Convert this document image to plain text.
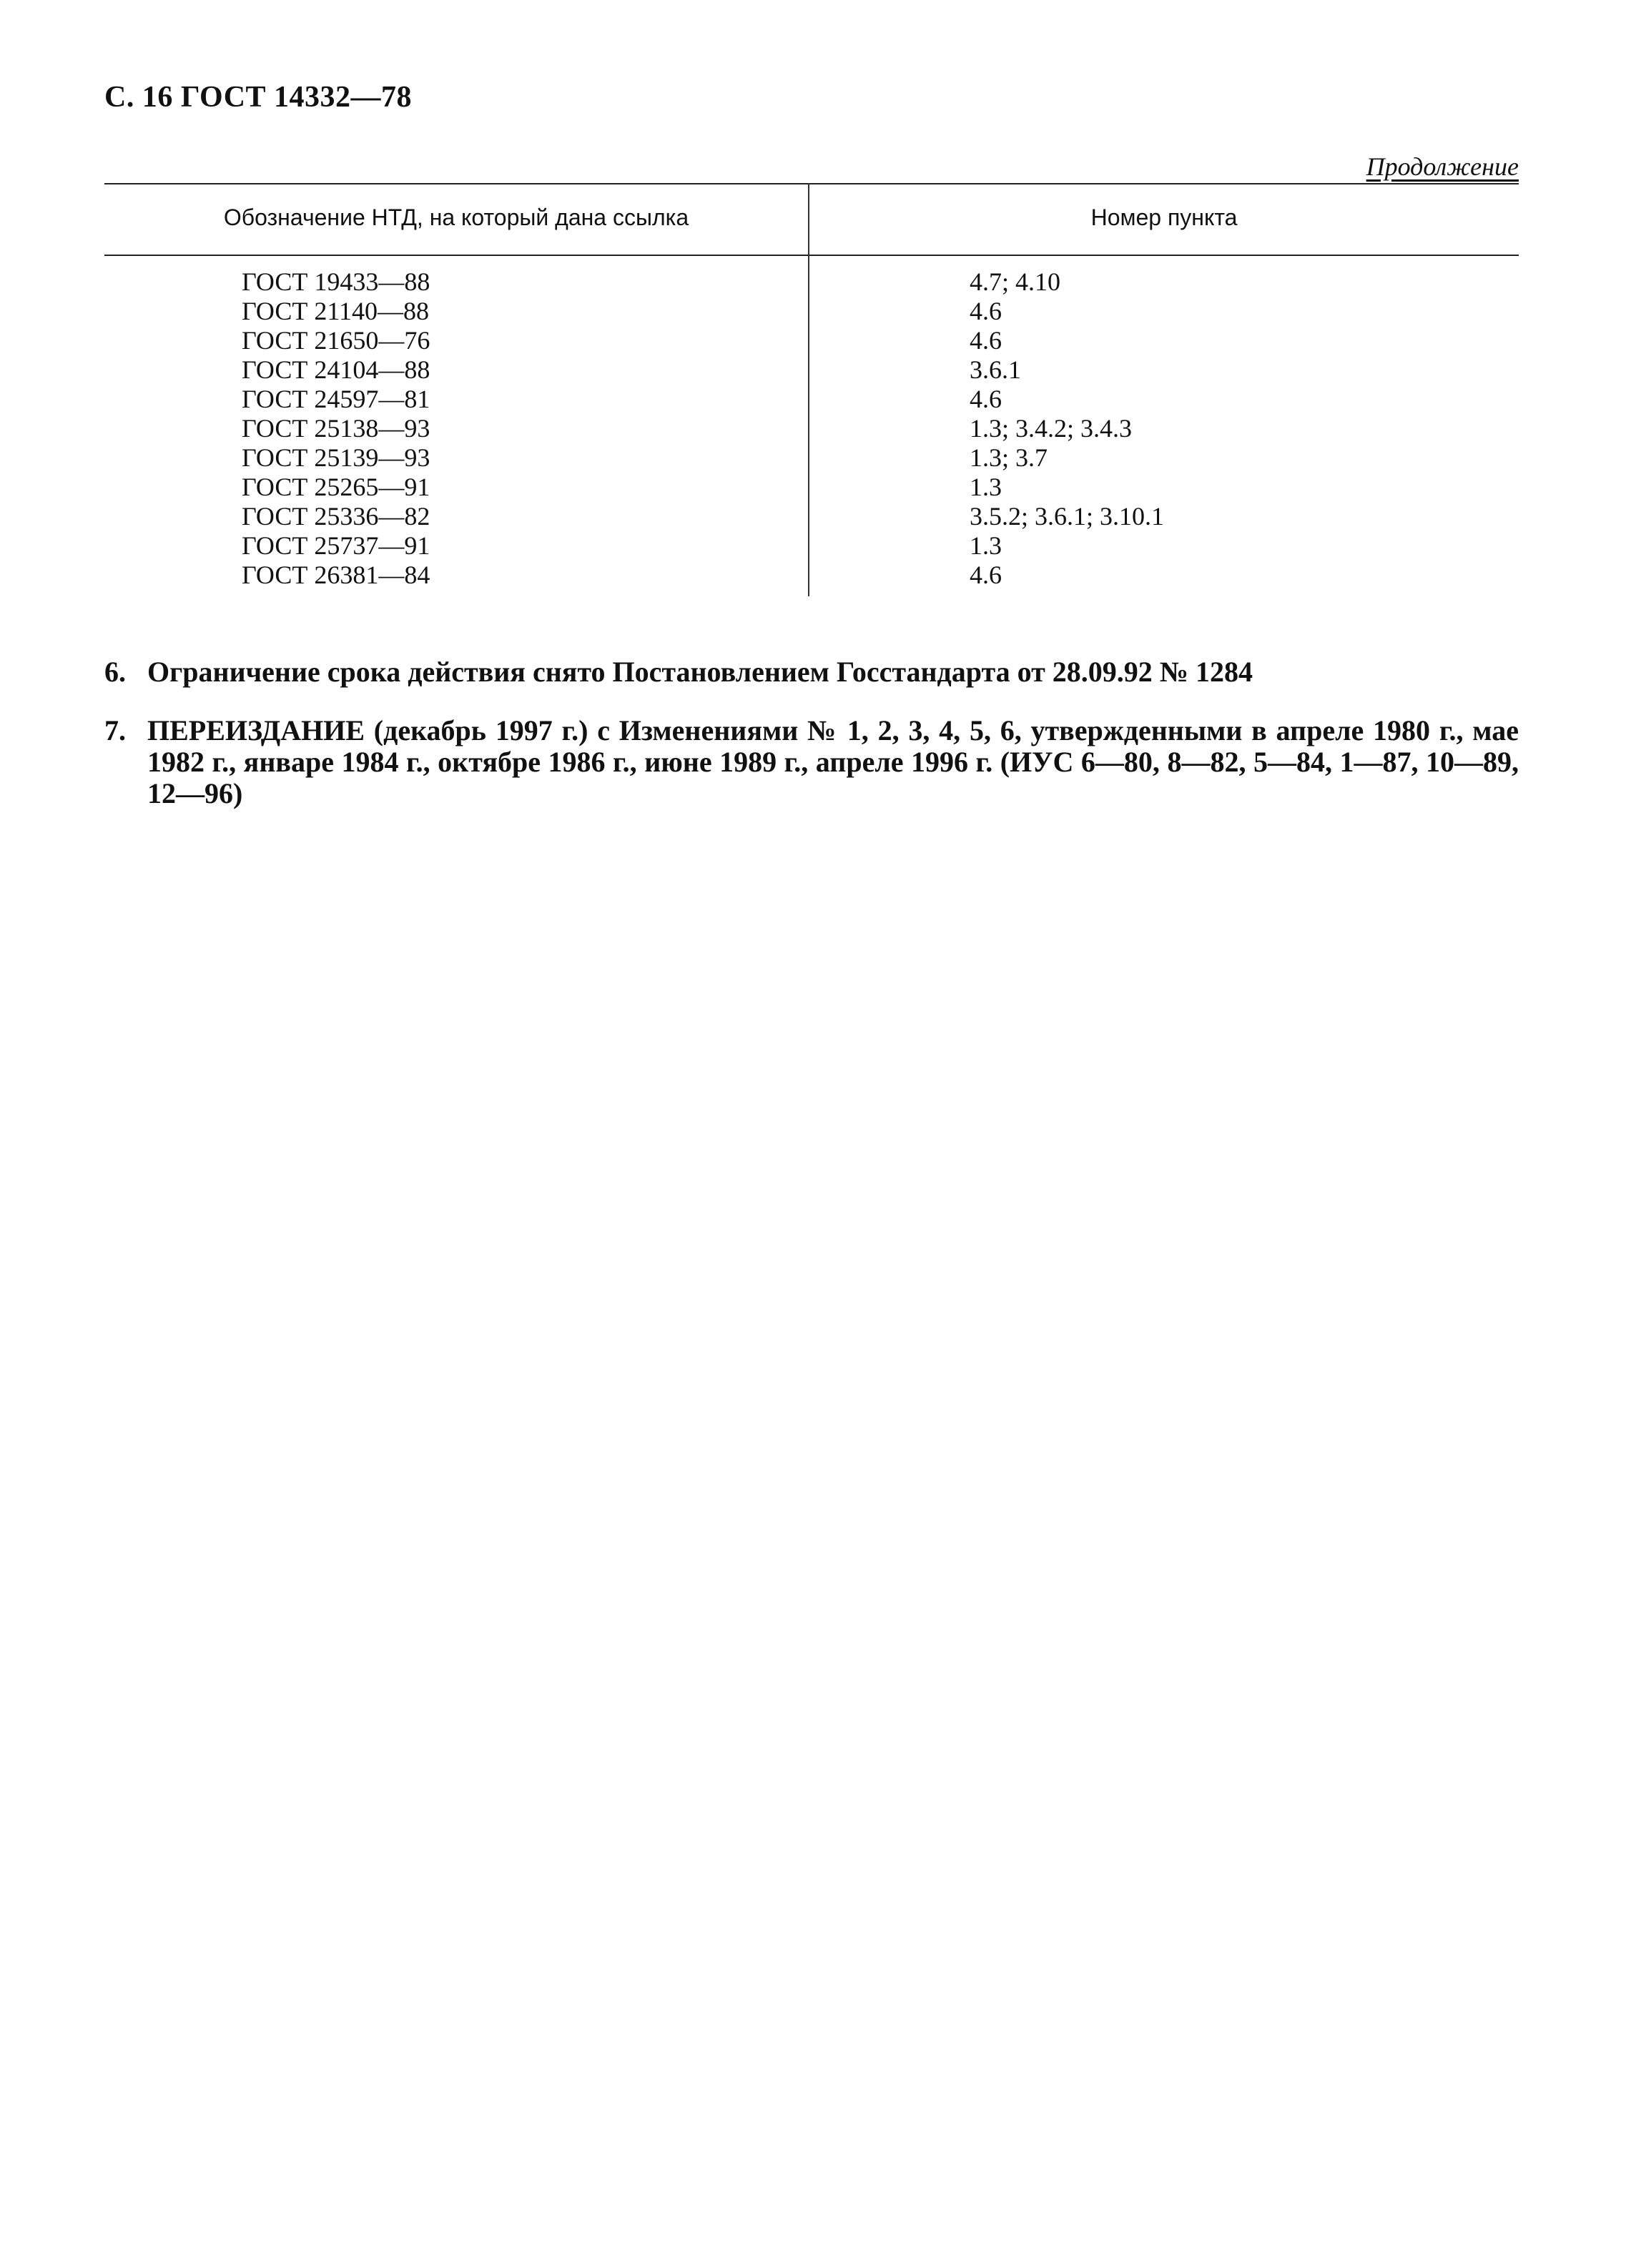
С. 16 ГОСТ 14332—78
Продолжение
Обозначение НТД, на который дана ссылка	Номер пункта
ГОСТ 19433—88	4.7; 4.10
ГОСТ 21140—88	4.6
ГОСТ 21650—76	4.6
ГОСТ 24104—88	3.6.1
ГОСТ 24597—81	4.6
ГОСТ 25138—93	1.3; 3.4.2; 3.4.3
ГОСТ 25139—93	1.3; 3.7
ГОСТ 25265—91	1.3
ГОСТ 25336—82	3.5.2; 3.6.1; 3.10.1
ГОСТ 25737—91	1.3
ГОСТ 26381—84	4.6
6. Ограничение срока действия снято Постановлением Госстандарта от 28.09.92 № 1284
7. ПЕРЕИЗДАНИЕ (декабрь 1997 г.) с Изменениями № 1, 2, 3, 4, 5, 6, утвержденными в апреле 1980 г., мае 1982 г., январе 1984 г., октябре 1986 г., июне 1989 г., апреле 1996 г. (ИУС 6—80, 8—82, 5—84, 1—87, 10—89, 12—96)
